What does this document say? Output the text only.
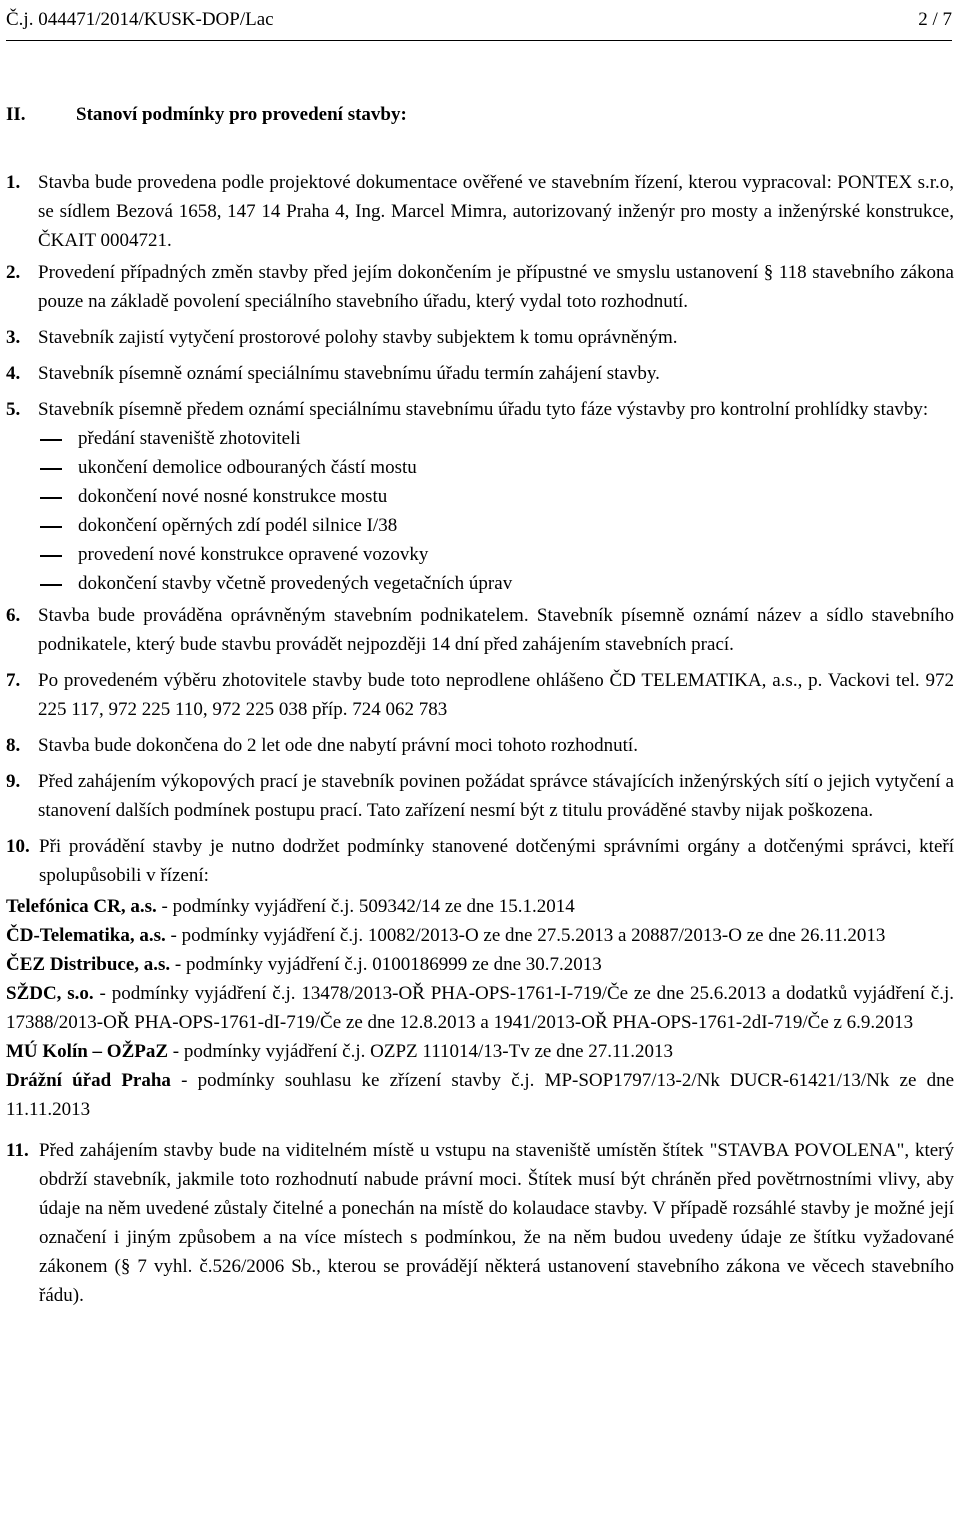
Č.j. 044471/2014/KUSK-DOP/Lac	2 / 7
II.	Stanoví podmínky pro provedení stavby:
1. Stavba bude provedena podle projektové dokumentace ověřené ve stavebním řízení, kterou vypracoval: PONTEX s.r.o, se sídlem Bezová 1658, 147 14 Praha 4, Ing. Marcel Mimra, autorizovaný inženýr pro mosty a inženýrské konstrukce, ČKAIT 0004721.

2. Provedení případných změn stavby před jejím dokončením je přípustné ve smyslu ustanovení § 118 stavebního zákona pouze na základě povolení speciálního stavebního úřadu, který vydal toto rozhodnutí.

3. Stavebník zajistí vytyčení prostorové polohy stavby subjektem k tomu oprávněným.

4. Stavebník písemně oznámí speciálnímu stavebnímu úřadu termín zahájení stavby.

5. Stavebník písemně předem oznámí speciálnímu stavebnímu úřadu tyto fáze výstavby pro kontrolní prohlídky stavby:

předání staveniště zhotoviteli
ukončení demolice odbouraných částí mostu
dokončení nové nosné konstrukce mostu
dokončení opěrných zdí podél silnice I/38
provedení nové konstrukce opravené vozovky
dokončení stavby včetně provedených vegetačních úprav
6. Stavba bude prováděna oprávněným stavebním podnikatelem. Stavebník písemně oznámí název a sídlo stavebního podnikatele, který bude stavbu provádět nejpozději 14 dní před zahájením stavebních prací.

7. Po provedeném výběru zhotovitele stavby bude toto neprodlene ohlášeno ČD TELEMATIKA, a.s., p. Vackovi tel. 972 225 117, 972 225 110, 972 225 038 příp. 724 062 783

8. Stavba bude dokončena do 2 let ode dne nabytí právní moci tohoto rozhodnutí.

9. Před zahájením výkopových prací je stavebník povinen požádat správce stávajících inženýrských sítí o jejich vytyčení a stanovení dalších podmínek postupu prací. Tato zařízení nesmí být z titulu prováděné stavby nijak poškozena.

10. Při provádění stavby je nutno dodržet podmínky stanovené dotčenými správními orgány a dotčenými správci, kteří spolupůsobili v řízení:

Telefónica CR, a.s. - podmínky vyjádření č.j. 509342/14 ze dne 15.1.2014

ČD-Telematika, a.s. - podmínky vyjádření č.j. 10082/2013-O ze dne 27.5.2013 a 20887/2013-O ze dne 26.11.2013

ČEZ Distribuce, a.s. - podmínky vyjádření č.j. 0100186999 ze dne 30.7.2013

SŽDC, s.o. - podmínky vyjádření č.j. 13478/2013-OŘ PHA-OPS-1761-I-719/Če ze dne 25.6.2013 a dodatků vyjádření č.j. 17388/2013-OŘ PHA-OPS-1761-dI-719/Če ze dne 12.8.2013 a 1941/2013-OŘ PHA-OPS-1761-2dI-719/Če z 6.9.2013

MÚ Kolín – OŽPaZ - podmínky vyjádření č.j. OZPZ 111014/13-Tv ze dne 27.11.2013

Drážní úřad Praha - podmínky souhlasu ke zřízení stavby č.j. MP-SOP1797/13-2/Nk DUCR-61421/13/Nk ze dne 11.11.2013

11. Před zahájením stavby bude na viditelném místě u vstupu na staveniště umístěn štítek "STAVBA POVOLENA", který obdrží stavebník, jakmile toto rozhodnutí nabude právní moci. Štítek musí být chráněn před povětrnostními vlivy, aby údaje na něm uvedené zůstaly čitelné a ponechán na místě do kolaudace stavby. V případě rozsáhlé stavby je možné její označení i jiným způsobem a na více místech s podmínkou, že na něm budou uvedeny údaje ze štítku vyžadované zákonem (§ 7 vyhl. č.526/2006 Sb., kterou se provádějí některá ustanovení stavebního zákona ve věcech stavebního řádu).
